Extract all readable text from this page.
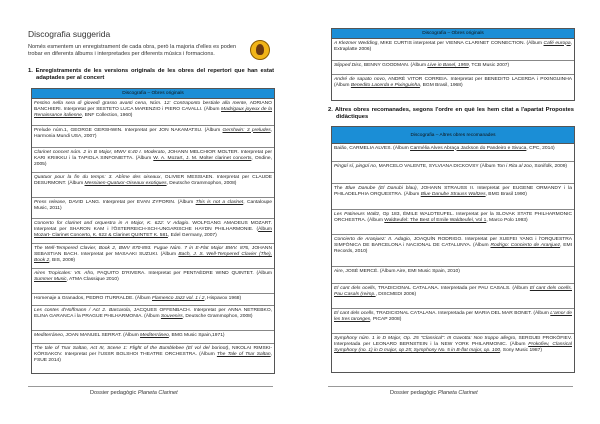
Discografia suggerida
Només esmentem un enregistrament de cada obra, però la majoria d'elles es poden trobar en diferents àlbums i interpretades per diferents músics i formacions.
1. Enregistraments de les versions originals de les obres del repertori que han estat adaptades per al concert
Discografia – Obres originals
Festino nella sera di giovedì grasso avanti cena, Núm. 12: Contraponto bestiale alla mente, ADRIANO BANCHIERI. Interpretat per SESTETO LUCA MARENZIO i PIERO CAVALLI. (Àlbum Madrigaux joyeux de la Renaissance italienne, BNF Collection, 1960)
Prelude núm.1, GEORGE GERSHWIN. Interpretat per JON NAKAMATSU. (Àlbum Gershwin: 3 preludes, Harmonia Mundi USA, 2007)
Clarinet concert núm. 2 in B Major, MWV 6:40 I. Moderato, JOHANN MELCHIOR MOLTER. Interpretat per KARI KRIIKKU i la TAPIOLA SINFONIETTA. (Àlbum W. A. Mozart, J. M. Molter clarinet concerts, Ondine, 2005)
Quatuor pour la fin du temps: 3. Abîme des oiseaux, OLIVIER MESSIAEN. Interpretat per CLAUDE DESURMONT. (Àlbum Messiaen-Quatuor-Oiseaux exotiques, Deutsche Grammophon, 2008)
Press release, DAVID LANG. Interpretat per EVAN ZYPORIN. (Àlbum This is not a clarinet, Cantaloupe Music, 2011)
Concerto for clarinet and orquestra in A Major, K. 622: V Adagio. WOLFGANG AMADEUS MOZART. Interpretat per SHARON KAM i l'ÖSTERREICH-SCH-UNGARISCHE HAYDN PHILHARMONIE. (Àlbum Mozart- Clarinet Concerto, K. 622 & Clarinet QUINTET K. 581, Edel Germany, 2007)
The Well-Tempered Clavier, Book 2, BWV 870-893. Fugue Núm. 7 in E-Flat Major BWV. 876, JOHANN SEBASTIAN BACH. Interpretat per MASAAKI SUZUKI. (Àlbum Bach, J. S. Well-Tempered Clavier (The), Book 2, BIS, 2009)
Aires Tropicales: VII. Afro, PAQUITO D'RIVERA. Interpretat per PENTAÈDRE WIND QUINTET. (Àlbum Summer Music, ATMA Classique 2010)
Homenaje a Granados, PEDRO ITURRALDE. (Àlbum Flamenco Jazz vol. 1 i 2, Hispavox 1968)
Les contes d'Hoffmann / Act 2. Barcarola, JACQUES OFFENBACH. Interpretat per ANNA NETREBKO, ELINA GARANCA i la PRAGUE PHILHARMONIA. (Àlbum Souvenirs, Deutsche Grammophon, 2008)
Mediterráneo, JOAN MANUEL SERRAT. (Àlbum Mediterráneo, BMG Music Spain,1971)
The tale of Tsar Saltan, Act III, Scene 1: Flight of the Bumblebee (El vol del borinot), NIKOLAI RIMSKI-KÒRSAKOV. Interpretat per l'USSR BOLSHOI THEATRE ORCHESTRA. (Àlbum The Tale of Tsar Saltan, FSUE 2014)
Dossier pedagògic Planeta Clarinet
Discografia – Obres originals
A Klezmer Wedding, MIKE CURTIS interpretat per VIENNA CLARINET CONNECTION. (Àlbum Café europa, Extraplatte 2006)
Slipped Disc, BENNY GOODMAN. (Àlbum Live in Basel, 1959, TCB Music 2007)
André de sapato novo, ANDRÉ VITOR CORREIA. Interpretat per BENEDITO LACERDA i PIXINGUINHA (Àlbum Benedito Lacerda e Pixinguinha, BGM Brasil, 1968)
2. Altres obres recomanades, segons l'ordre en què les hem citat a l'apartat Propostes didàctiques
Discografia – Altres obres recomanades
Baião, CARMELIA ALVES. (Àlbum Carmélia Alves Abraça Jackson do Pandeiro e Sivuca, CPC, 2014)
Pingüí sí, pingüí no, MARCELO VALENTE, SYLVIANA DICKOVSY (Àlbum Ton i Rita al zoo, Sonifolk, 2009)
The Blue Danube (El Danubi blau), JOHANN STRAUSS II. Interpretat per EUGENE ORMANDY i la PHILADELPHIA ORQUESTRA. (Àlbum Blue Danube Strauss Waltzes, BMG Brasil 1990)
Les Patineurs Waltz, Op 183, ÉMILE WALDTEUFEL. Interpretat per la SLOVAK STATE PHILHARMONIC ORCHESTRA. (Àlbum Waldteufel: The Best of Emile Waldteufel, Vol 1, Marco Polo 1993)
Concierto de Aranjuez: II. Adagio, JOAQUÍN RODRIGO. Interpretat per XUEFEI YANG i l'ORQUESTRA SIMFÒNICA DE BARCELONA i NACIONAL DE CATALUNYA. (Àlbum Rodrigo: Concierto de Aranjuez, EMI Records, 2010)
Aire, JOSÉ MERCÉ. (Àlbum Aire, EMI Music Spain, 2010)
El cant dels ocells, TRADICIONAL CATALANA. Interpretada per PAU CASALS. (Àlbum El cant dels ocells. Pau Casals (reimp., DISCMEDI 2006)
El cant dels ocells, TRADICIONAL CATALANA. Interpretada per MARIA DEL MAR BONET. (Àlbum L'amor de les tres taronges, PICAP 2008)
Symphony núm. 1 in D Major, Op. 25 "Classical": III Gavotta: Non troppo allegro, SERGUEI PROKÒFIEV. Interpretada per LEONARD BERNSTEIN i la NEW YORK PHILARMONIC. (Àlbum Prokofiev, Classical Symphony (no. 1) in D major, op 25; Symphony No. 5 in B-flat major, op. 100, Sony Music 1987)
Dossier pedagògic Planeta Clarinet
